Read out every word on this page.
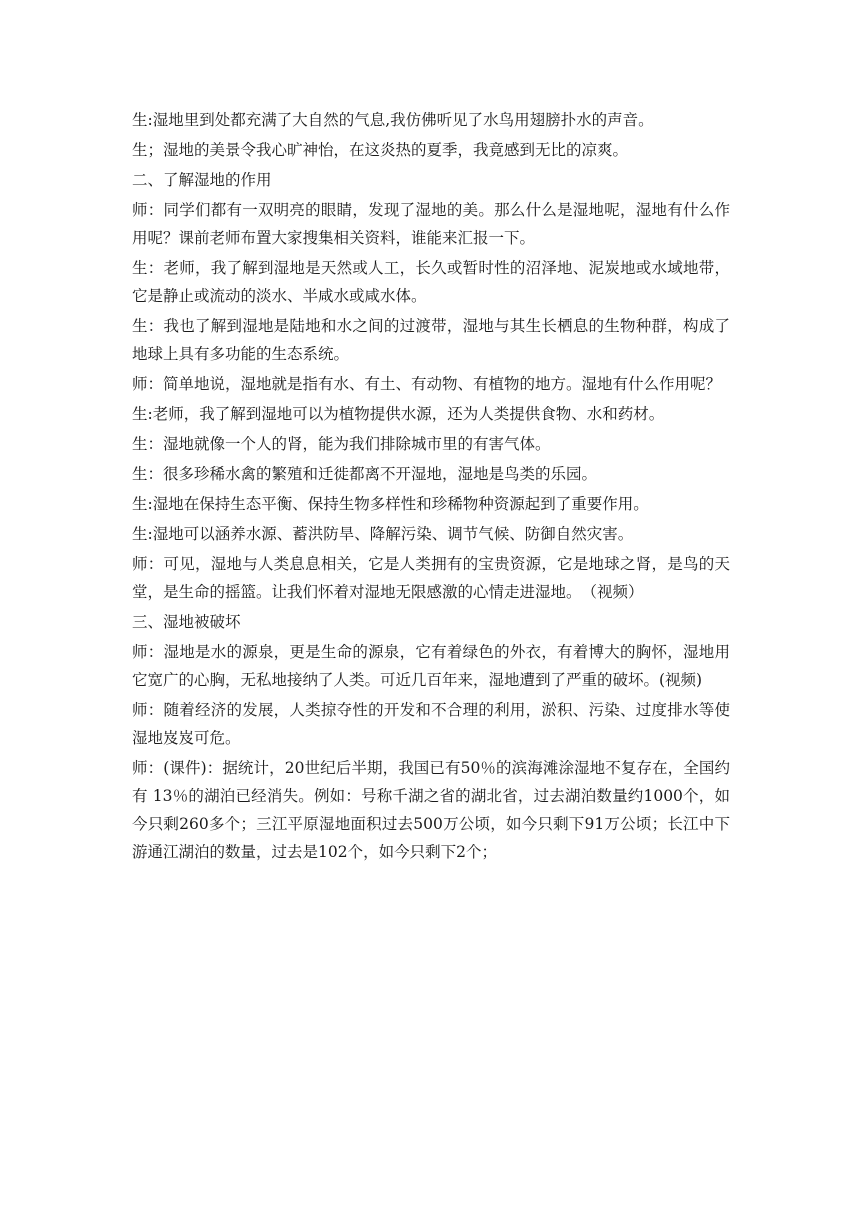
生:湿地里到处都充满了大自然的气息,我仿佛听见了水鸟用翅膀扑水的声音。

生；湿地的美景令我心旷神怡，在这炎热的夏季，我竟感到无比的凉爽。

二、了解湿地的作用

师：同学们都有一双明亮的眼睛，发现了湿地的美。那么什么是湿地呢，湿地有什么作用呢？课前老师布置大家搜集相关资料，谁能来汇报一下。

生：老师，我了解到湿地是天然或人工，长久或暂时性的沼泽地、泥炭地或水域地带，它是静止或流动的淡水、半咸水或咸水体。

生：我也了解到湿地是陆地和水之间的过渡带，湿地与其生长栖息的生物种群，构成了地球上具有多功能的生态系统。

师：简单地说，湿地就是指有水、有土、有动物、有植物的地方。湿地有什么作用呢？

生:老师，我了解到湿地可以为植物提供水源，还为人类提供食物、水和药材。

生：湿地就像一个人的肾，能为我们排除城市里的有害气体。

生：很多珍稀水禽的繁殖和迁徙都离不开湿地，湿地是鸟类的乐园。

生:湿地在保持生态平衡、保持生物多样性和珍稀物种资源起到了重要作用。

生:湿地可以涵养水源、蓄洪防旱、降解污染、调节气候、防御自然灾害。

师：可见，湿地与人类息息相关，它是人类拥有的宝贵资源，它是地球之肾，是鸟的天堂，是生命的摇篮。让我们怀着对湿地无限感激的心情走进湿地。　（视频）

三、湿地被破坏

师：湿地是水的源泉，更是生命的源泉，它有着绿色的外衣，有着博大的胸怀，湿地用它宽广的心胸，无私地接纳了人类。可近几百年来，湿地遭到了严重的破坏。(视频)

师：随着经济的发展，人类掠夺性的开发和不合理的利用，淤积、污染、过度排水等使湿地岌岌可危。

师：(课件)：据统计，20世纪后半期，我国已有50％的滨海滩涂湿地不复存在，全国约有 13％的湖泊已经消失。例如：号称千湖之省的湖北省，过去湖泊数量约1000个，如今只剩260多个；三江平原湿地面积过去500万公顷，如今只剩下91万公顷；长江中下游通江湖泊的数量，过去是102个，如今只剩下2个；
